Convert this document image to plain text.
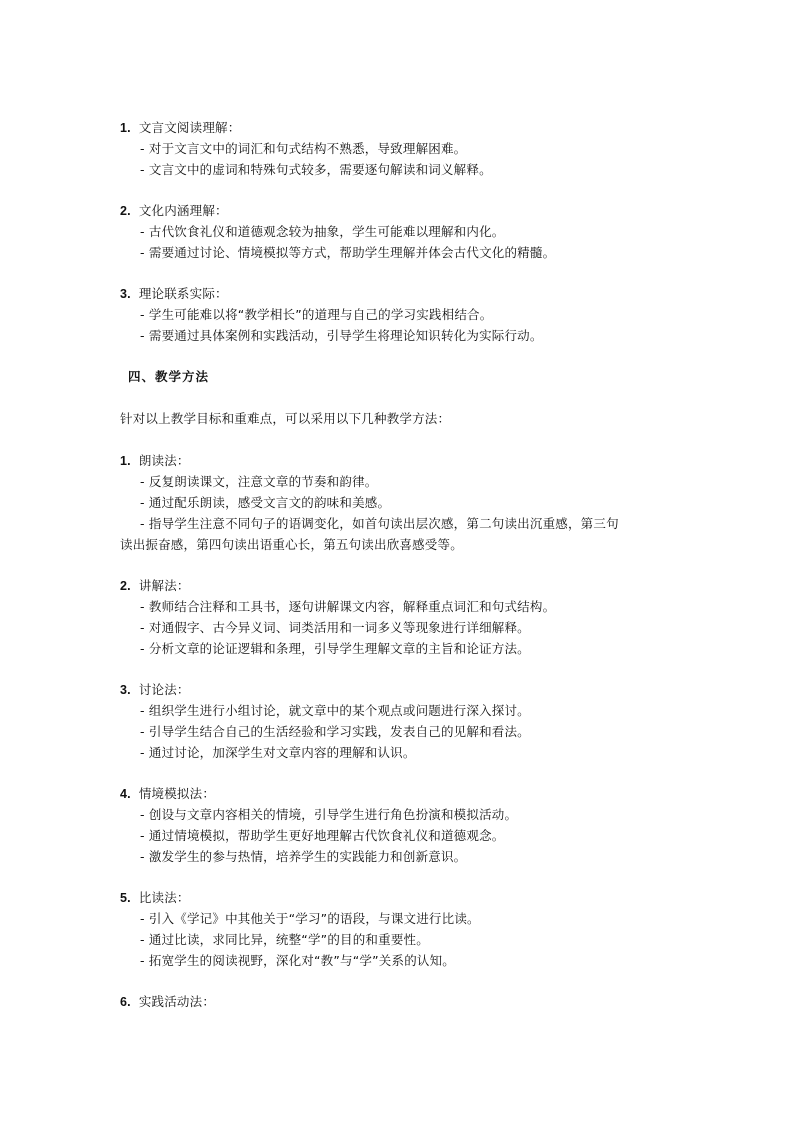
1. 文言文阅读理解：
- 对于文言文中的词汇和句式结构不熟悉，导致理解困难。
- 文言文中的虚词和特殊句式较多，需要逐句解读和词义解释。
2. 文化内涵理解：
- 古代饮食礼仪和道德观念较为抽象，学生可能难以理解和内化。
- 需要通过讨论、情境模拟等方式，帮助学生理解并体会古代文化的精髓。
3. 理论联系实际：
- 学生可能难以将“教学相长”的道理与自己的学习实践相结合。
- 需要通过具体案例和实践活动，引导学生将理论知识转化为实际行动。
四、教学方法
针对以上教学目标和重难点，可以采用以下几种教学方法：
1. 朗读法：
- 反复朗读课文，注意文章的节奏和韵律。
- 通过配乐朗读，感受文言文的韵味和美感。
- 指导学生注意不同句子的语调变化，如首句读出层次感，第二句读出沉重感，第三句
读出振奋感，第四句读出语重心长，第五句读出欣喜感受等。
2. 讲解法：
- 教师结合注释和工具书，逐句讲解课文内容，解释重点词汇和句式结构。
- 对通假字、古今异义词、词类活用和一词多义等现象进行详细解释。
- 分析文章的论证逻辑和条理，引导学生理解文章的主旨和论证方法。
3. 讨论法：
- 组织学生进行小组讨论，就文章中的某个观点或问题进行深入探讨。
- 引导学生结合自己的生活经验和学习实践，发表自己的见解和看法。
- 通过讨论，加深学生对文章内容的理解和认识。
4. 情境模拟法：
- 创设与文章内容相关的情境，引导学生进行角色扮演和模拟活动。
- 通过情境模拟，帮助学生更好地理解古代饮食礼仪和道德观念。
- 激发学生的参与热情，培养学生的实践能力和创新意识。
5. 比读法：
- 引入《学记》中其他关于“学习”的语段，与课文进行比读。
- 通过比读，求同比异，统整“学”的目的和重要性。
- 拓宽学生的阅读视野，深化对“教”与“学”关系的认知。
6. 实践活动法：
